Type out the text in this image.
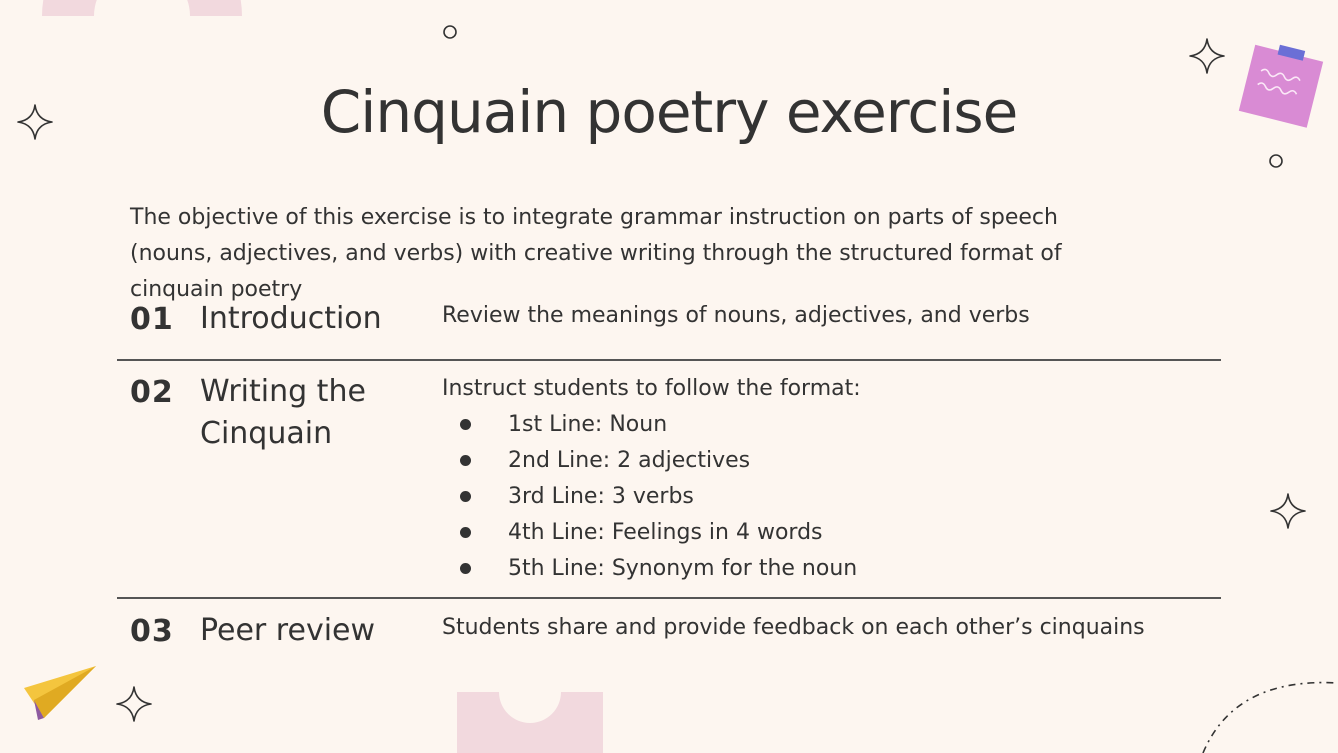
Cinquain poetry exercise
The objective of this exercise is to integrate grammar instruction on parts of speech (nouns, adjectives, and verbs) with creative writing through the structured format of cinquain poetry
01 Introduction	Review the meanings of nouns, adjectives, and verbs
02 Writing the Cinquain
Instruct students to follow the format:
1st Line: Noun
2nd Line: 2 adjectives
3rd Line: 3 verbs
4th Line: Feelings in 4 words
5th Line: Synonym for the noun
03 Peer review	Students share and provide feedback on each other’s cinquains
